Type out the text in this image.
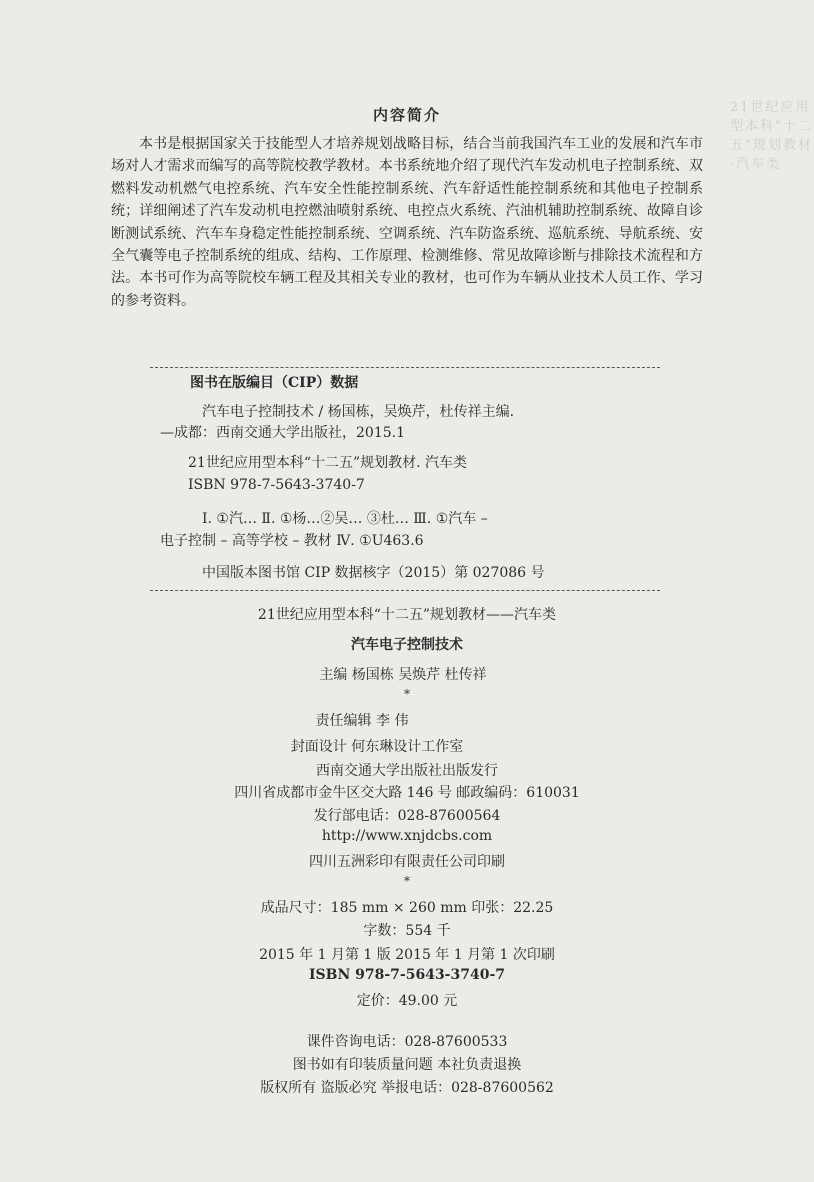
21世纪应用型本科"十二五"规划教材·汽车类
内容简介
本书是根据国家关于技能型人才培养规划战略目标，结合当前我国汽车工业的发展和汽车市场对人才需求而编写的高等院校教学教材。本书系统地介绍了现代汽车发动机电子控制系统、双燃料发动机燃气电控系统、汽车安全性能控制系统、汽车舒适性能控制系统和其他电子控制系统；详细阐述了汽车发动机电控燃油喷射系统、电控点火系统、汽油机辅助控制系统、故障自诊断测试系统、汽车车身稳定性能控制系统、空调系统、汽车防盗系统、巡航系统、导航系统、安全气囊等电子控制系统的组成、结构、工作原理、检测维修、常见故障诊断与排除技术流程和方法。本书可作为高等院校车辆工程及其相关专业的教材，也可作为车辆从业技术人员工作、学习的参考资料。

图书在版编目（CIP）数据

汽车电子控制技术 / 杨国栋，吴焕芹，杜传祥主编.

—成都：西南交通大学出版社，2015.1

21世纪应用型本科“十二五”规划教材. 汽车类

ISBN 978-7-5643-3740-7

Ⅰ. ①汽… Ⅱ. ①杨…②吴… ③杜… Ⅲ. ①汽车 –

电子控制 – 高等学校 – 教材 Ⅳ. ①U463.6

中国版本图书馆 CIP 数据核字（2015）第 027086 号

21世纪应用型本科“十二五”规划教材——汽车类
汽车电子控制技术
主编 杨国栋 吴焕芹 杜传祥
*
责任编辑 李 伟
封面设计 何东琳设计工作室
西南交通大学出版社出版发行
四川省成都市金牛区交大路 146 号 邮政编码：610031
发行部电话：028-87600564
http://www.xnjdcbs.com
四川五洲彩印有限责任公司印刷
*
成品尺寸：185 mm × 260 mm 印张：22.25
字数：554 千
2015 年 1 月第 1 版 2015 年 1 月第 1 次印刷
ISBN 978-7-5643-3740-7
定价：49.00 元
课件咨询电话：028-87600533
图书如有印装质量问题 本社负责退换
版权所有 盗版必究 举报电话：028-87600562
